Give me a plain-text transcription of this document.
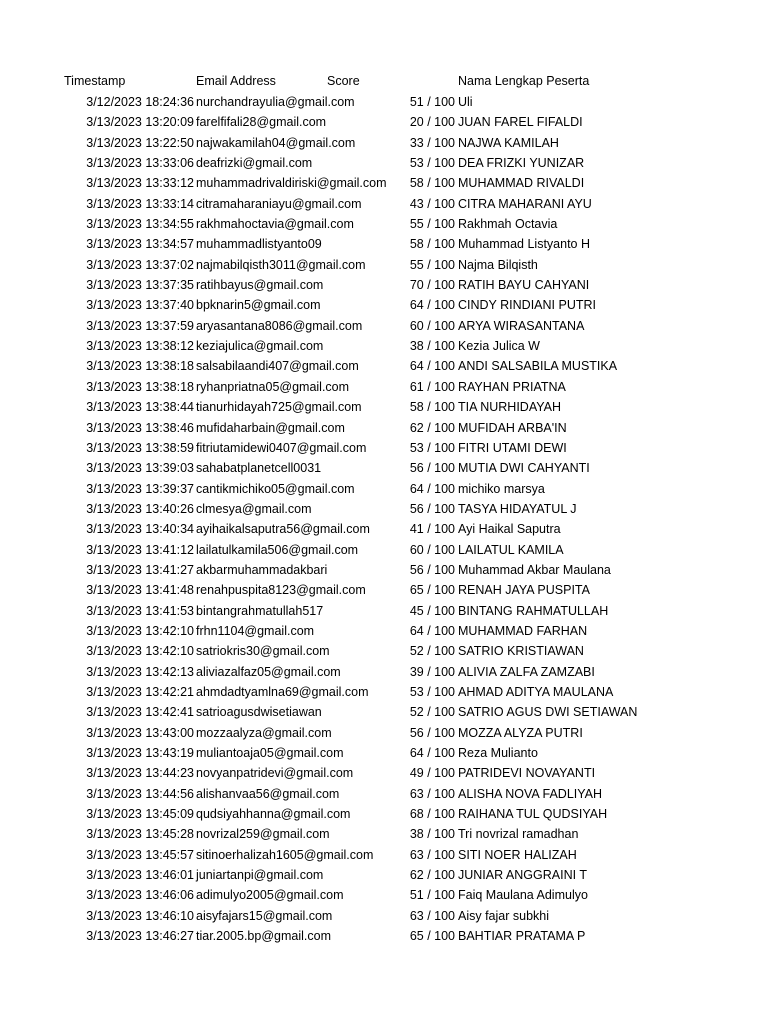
Timestamp	Email Address	Score	Nama Lengkap Peserta
3/12/2023 18:24:36 nurchandrayulia@gmail.com	51 / 100 Uli
3/13/2023 13:20:09 farelfifali28@gmail.com	20 / 100 JUAN FAREL FIFALDI
3/13/2023 13:22:50 najwakamilah04@gmail.com	33 / 100 NAJWA KAMILAH
3/13/2023 13:33:06 deafrizki@gmail.com	53 / 100 DEA FRIZKI YUNIZAR
3/13/2023 13:33:12 muhammadrivaldiriski@gmail.com	58 / 100 MUHAMMAD RIVALDI
3/13/2023 13:33:14 citramaharaniayu@gmail.com	43 / 100 CITRA MAHARANI AYU
3/13/2023 13:34:55 rakhmahoctavia@gmail.com	55 / 100 Rakhmah Octavia
3/13/2023 13:34:57 muhammadlistyanto09	58 / 100 Muhammad Listyanto H
3/13/2023 13:37:02 najmabilqisth3011@gmail.com	55 / 100 Najma Bilqisth
3/13/2023 13:37:35 ratihbayus@gmail.com	70 / 100 RATIH BAYU CAHYANI
3/13/2023 13:37:40 bpknarin5@gmail.com	64 / 100 CINDY RINDIANI PUTRI
3/13/2023 13:37:59 aryasantana8086@gmail.com	60 / 100 ARYA WIRASANTANA
3/13/2023 13:38:12 keziajulica@gmail.com	38 / 100 Kezia Julica W
3/13/2023 13:38:18 salsabilaandi407@gmail.com	64 / 100 ANDI SALSABILA MUSTIKA
3/13/2023 13:38:18 ryhanpriatna05@gmail.com	61 / 100 RAYHAN PRIATNA
3/13/2023 13:38:44 tianurhidayah725@gmail.com	58 / 100 TIA NURHIDAYAH
3/13/2023 13:38:46 mufidaharbain@gmail.com	62 / 100 MUFIDAH ARBA'IN
3/13/2023 13:38:59 fitriutamidewi0407@gmail.com	53 / 100 FITRI UTAMI DEWI
3/13/2023 13:39:03 sahabatplanetcell0031	56 / 100 MUTIA DWI CAHYANTI
3/13/2023 13:39:37 cantikmichiko05@gmail.com	64 / 100 michiko marsya
3/13/2023 13:40:26 clmesya@gmail.com	56 / 100 TASYA HIDAYATUL J
3/13/2023 13:40:34 ayihaikalsaputra56@gmail.com	41 / 100 Ayi Haikal Saputra
3/13/2023 13:41:12 lailatulkamila506@gmail.com	60 / 100 LAILATUL KAMILA
3/13/2023 13:41:27 akbarmuhammadakbari	56 / 100 Muhammad Akbar Maulana
3/13/2023 13:41:48 renahpuspita8123@gmail.com	65 / 100 RENAH JAYA PUSPITA
3/13/2023 13:41:53 bintangrahmatullah517	45 / 100 BINTANG RAHMATULLAH
3/13/2023 13:42:10 frhn1104@gmail.com	64 / 100 MUHAMMAD FARHAN
3/13/2023 13:42:10 satriokris30@gmail.com	52 / 100 SATRIO KRISTIAWAN
3/13/2023 13:42:13 aliviazalfaz05@gmail.com	39 / 100 ALIVIA ZALFA ZAMZABI
3/13/2023 13:42:21 ahmdadtyamlna69@gmail.com	53 / 100 AHMAD ADITYA MAULANA
3/13/2023 13:42:41 satrioagusdwisetiawan	52 / 100 SATRIO AGUS DWI SETIAWAN
3/13/2023 13:43:00 mozzaalyza@gmail.com	56 / 100 MOZZA ALYZA PUTRI
3/13/2023 13:43:19 muliantoaja05@gmail.com	64 / 100 Reza Mulianto
3/13/2023 13:44:23 novyanpatridevi@gmail.com	49 / 100 PATRIDEVI NOVAYANTI
3/13/2023 13:44:56 alishanvaa56@gmail.com	63 / 100 ALISHA NOVA FADLIYAH
3/13/2023 13:45:09 qudsiyahhanna@gmail.com	68 / 100 RAIHANA TUL QUDSIYAH
3/13/2023 13:45:28 novrizal259@gmail.com	38 / 100 Tri novrizal ramadhan
3/13/2023 13:45:57 sitinoerhalizah1605@gmail.com	63 / 100 SITI NOER HALIZAH
3/13/2023 13:46:01 juniartanpi@gmail.com	62 / 100 JUNIAR ANGGRAINI T
3/13/2023 13:46:06 adimulyo2005@gmail.com	51 / 100 Faiq Maulana Adimulyo
3/13/2023 13:46:10 aisyfajars15@gmail.com	63 / 100 Aisy fajar subkhi
3/13/2023 13:46:27 tiar.2005.bp@gmail.com	65 / 100 BAHTIAR PRATAMA P
